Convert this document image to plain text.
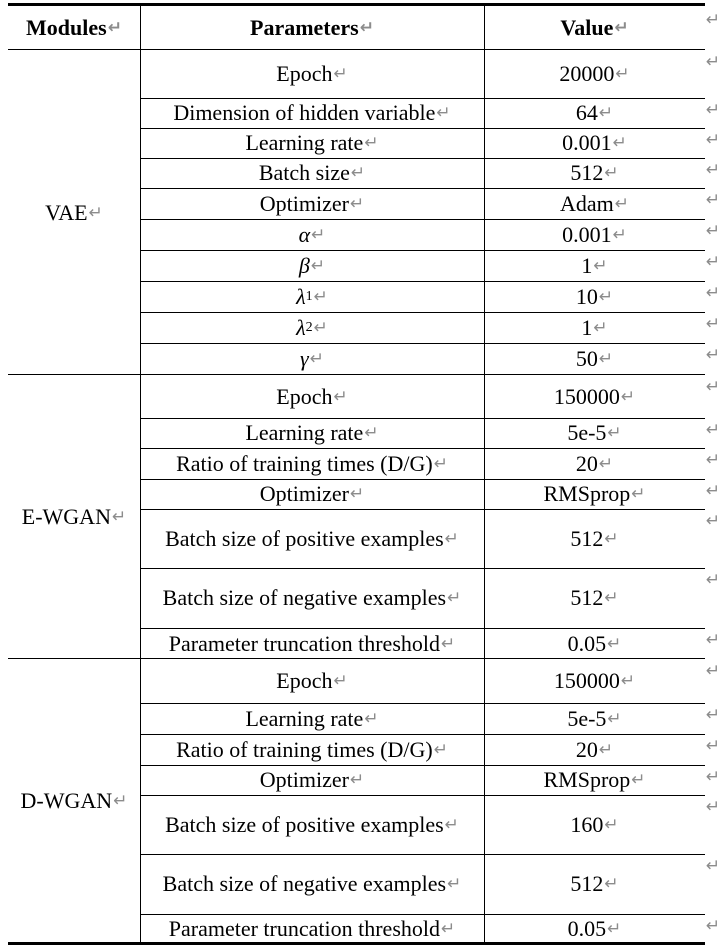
Modules ↵	Parameters ↵	Value ↵	↵
VAE ↵
Epoch ↵	20000 ↵
↵
Dimension of hidden variable ↵	64 ↵	↵
Learning rate ↵	0.001 ↵	↵
Batch size ↵	512 ↵	↵
Optimizer ↵	Adam ↵	↵
α ↵	0.001 ↵	↵
β ↵	1 ↵	↵
λ 1 ↵	10 ↵	↵
λ 2 ↵	1 ↵	↵
γ ↵	50 ↵	↵
E-WGAN ↵
Epoch ↵	150000 ↵	↵
Learning rate ↵	5e-5 ↵	↵
Ratio of training times (D/G) ↵	20 ↵	↵
Optimizer ↵	RMSprop ↵	↵
Batch size of positive examples ↵	512 ↵
↵
Batch size of negative examples ↵	512 ↵
↵
Parameter truncation threshold ↵	0.05 ↵	↵
D-WGAN ↵
Epoch ↵	150000 ↵	↵
Learning rate ↵	5e-5 ↵	↵
Ratio of training times (D/G) ↵	20 ↵	↵
Optimizer ↵	RMSprop ↵	↵
Batch size of positive examples ↵	160 ↵
↵
Batch size of negative examples ↵	512 ↵
↵
Parameter truncation threshold ↵	0.05 ↵	↵
